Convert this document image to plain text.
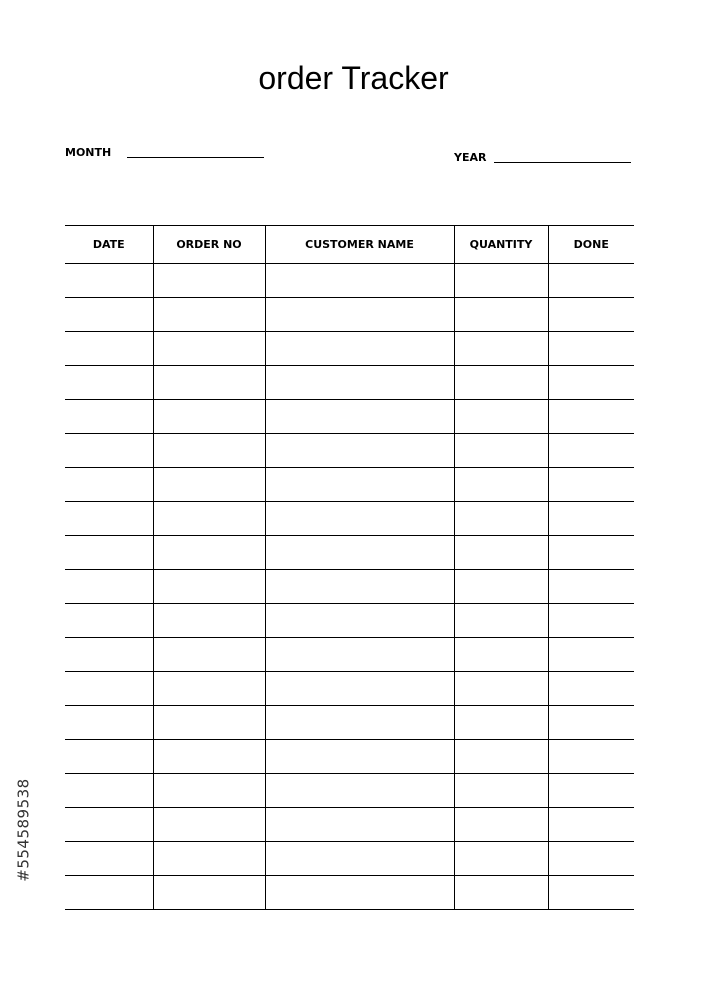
order Tracker
MONTH	YEAR
DATE	ORDER NO	CUSTOMER NAME	QUANTITY	DONE

#554589538
